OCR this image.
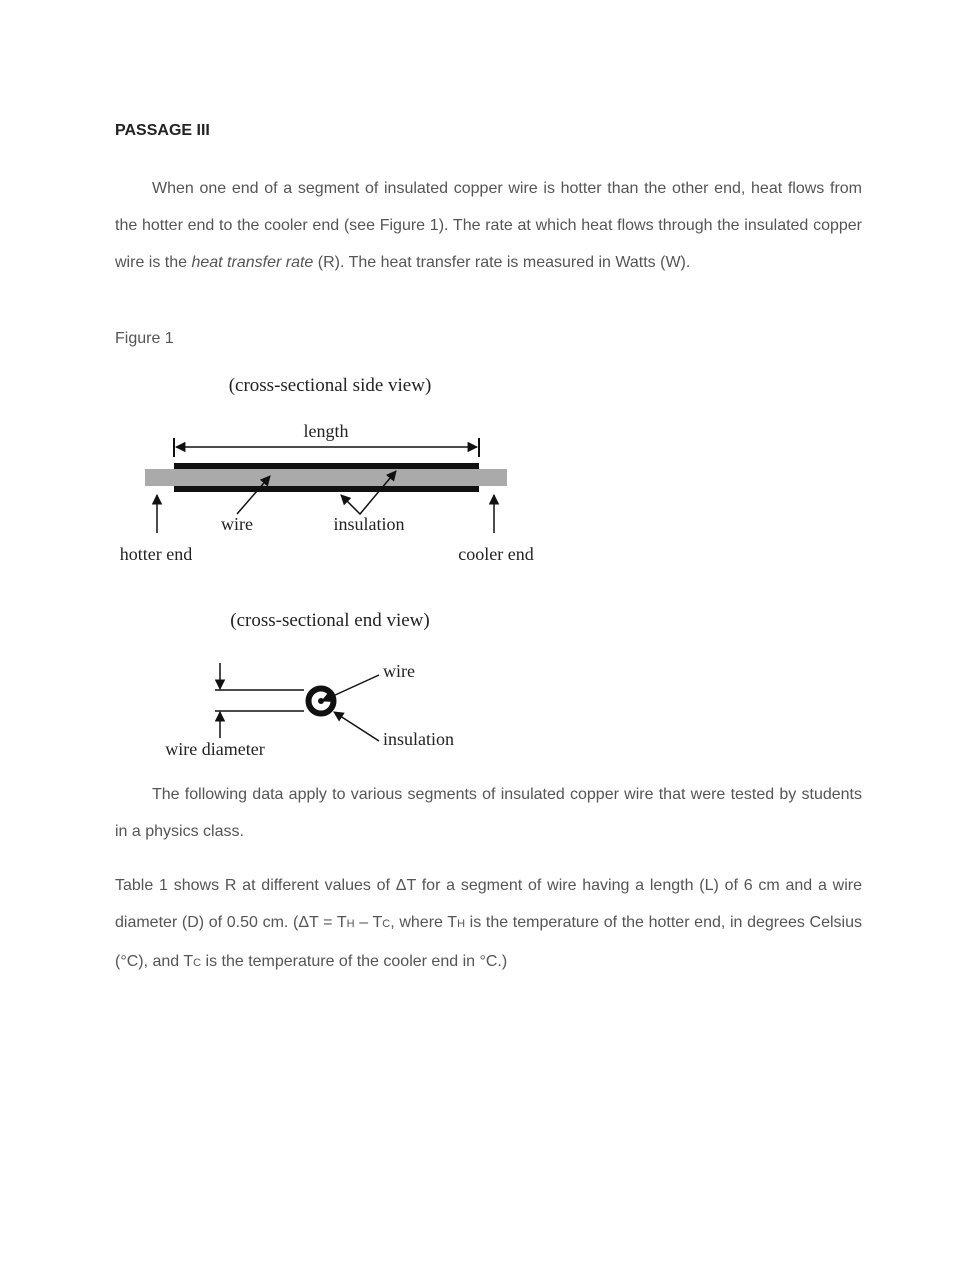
PASSAGE III
When one end of a segment of insulated copper wire is hotter than the other end, heat flows from the hotter end to the cooler end (see Figure 1). The rate at which heat flows through the insulated copper wire is the heat transfer rate (R). The heat transfer rate is measured in Watts (W).
Figure 1
The following data apply to various segments of insulated copper wire that were tested by students in a physics class.
Table 1 shows R at different values of ΔT for a segment of wire having a length (L) of 6 cm and a wire diameter (D) of 0.50 cm. (ΔT = TH – TC, where TH is the temperature of the hotter end, in degrees Celsius (°C), and TC is the temperature of the cooler end in °C.)
(cross-sectional side view)
length
wire	insulation
hotter end	cooler end
(cross-sectional end view)
wire
insulation
wire diameter
